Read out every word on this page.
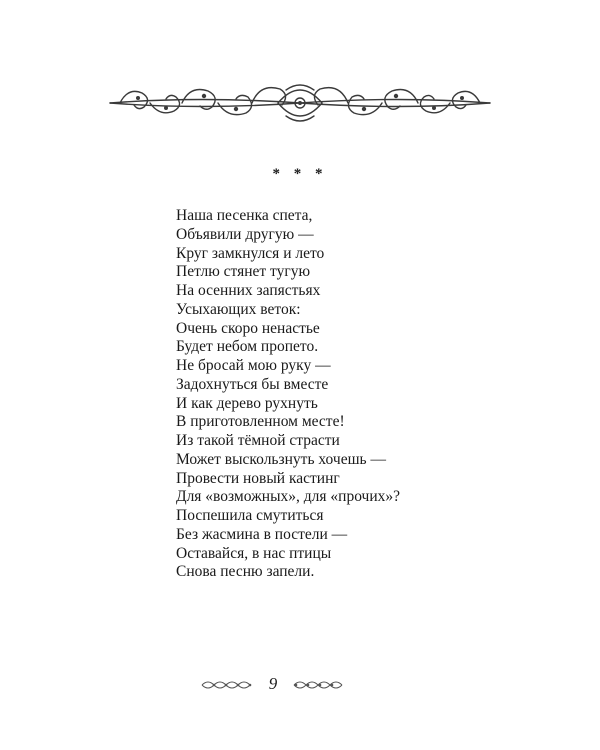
* * *
Наша песенка спета,
Объявили другую —
Круг замкнулся и лето
Петлю стянет тугую
На осенних запястьях
Усыхающих веток:
Очень скоро ненастье
Будет небом пропето.
Не бросай мою руку —
Задохнуться бы вместе
И как дерево рухнуть
В приготовленном месте!
Из такой тёмной страсти
Может выскользнуть хочешь —
Провести новый кастинг
Для «возможных», для «прочих»?
Поспешила смутиться
Без жасмина в постели —
Оставайся, в нас птицы
Снова песню запели.
9
